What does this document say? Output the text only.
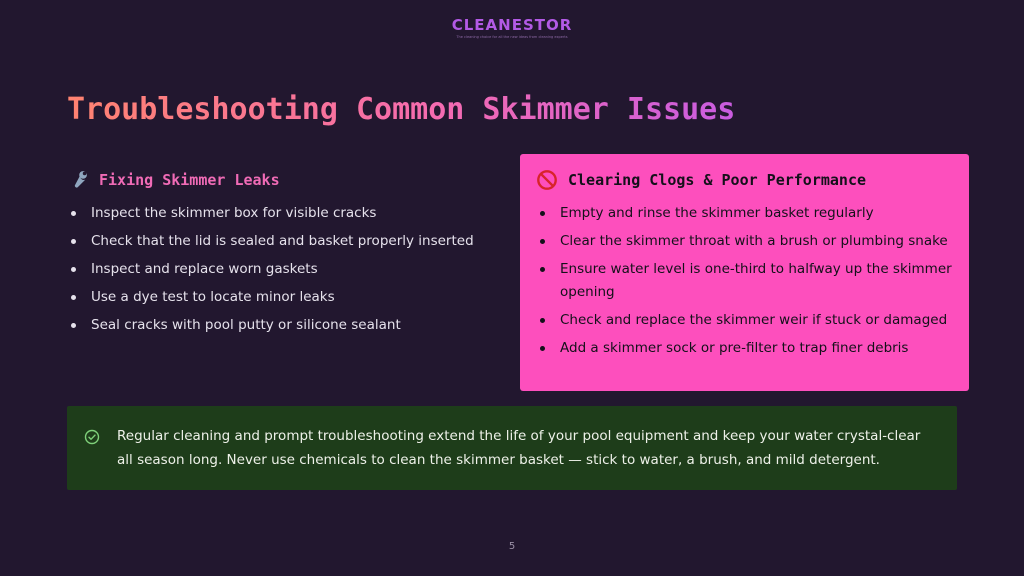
CLEANESTOR
The cleaning choice for all the new ideas from cleaning experts
Troubleshooting Common Skimmer Issues
Fixing Skimmer Leaks
Inspect the skimmer box for visible cracks
Check that the lid is sealed and basket properly inserted
Inspect and replace worn gaskets
Use a dye test to locate minor leaks
Seal cracks with pool putty or silicone sealant
Clearing Clogs & Poor Performance
Empty and rinse the skimmer basket regularly
Clear the skimmer throat with a brush or plumbing snake
Ensure water level is one-third to halfway up the skimmer opening
Check and replace the skimmer weir if stuck or damaged
Add a skimmer sock or pre-filter to trap finer debris
Regular cleaning and prompt troubleshooting extend the life of your pool equipment and keep your water crystal-clear all season long. Never use chemicals to clean the skimmer basket — stick to water, a brush, and mild detergent.
5
